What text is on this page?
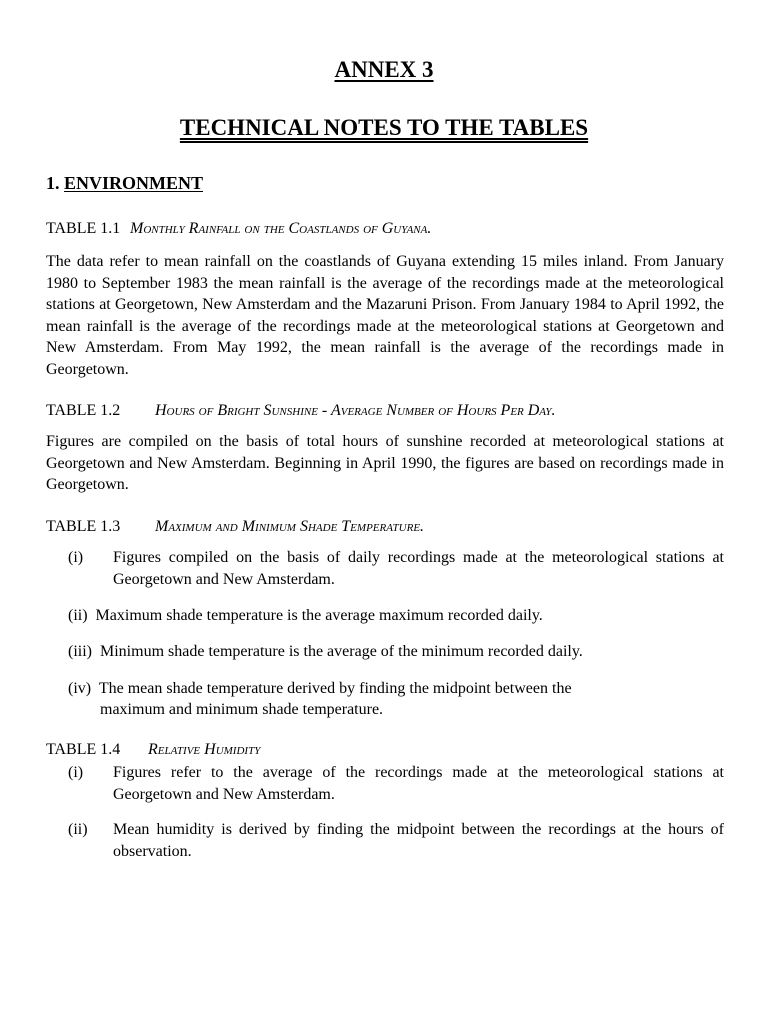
ANNEX 3
TECHNICAL NOTES TO THE TABLES
1. ENVIRONMENT
TABLE 1.1 Monthly Rainfall on the Coastlands of Guyana.
The data refer to mean rainfall on the coastlands of Guyana extending 15 miles inland. From January 1980 to September 1983 the mean rainfall is the average of the recordings made at the meteorological stations at Georgetown, New Amsterdam and the Mazaruni Prison. From January 1984 to April 1992, the mean rainfall is the average of the recordings made at the meteorological stations at Georgetown and New Amsterdam. From May 1992, the mean rainfall is the average of the recordings made in Georgetown.
TABLE 1.2 Hours of Bright Sunshine - Average Number of Hours Per Day.
Figures are compiled on the basis of total hours of sunshine recorded at meteorological stations at Georgetown and New Amsterdam. Beginning in April 1990, the figures are based on recordings made in Georgetown.
TABLE 1.3 Maximum and Minimum Shade Temperature.
(i) Figures compiled on the basis of daily recordings made at the meteorological stations at Georgetown and New Amsterdam.
(ii) Maximum shade temperature is the average maximum recorded daily.
(iii) Minimum shade temperature is the average of the minimum recorded daily.
(iv) The mean shade temperature derived by finding the midpoint between the
maximum and minimum shade temperature.
TABLE 1.4 Relative Humidity
(i) Figures refer to the average of the recordings made at the meteorological stations at Georgetown and New Amsterdam.
(ii) Mean humidity is derived by finding the midpoint between the recordings at the hours of observation.
